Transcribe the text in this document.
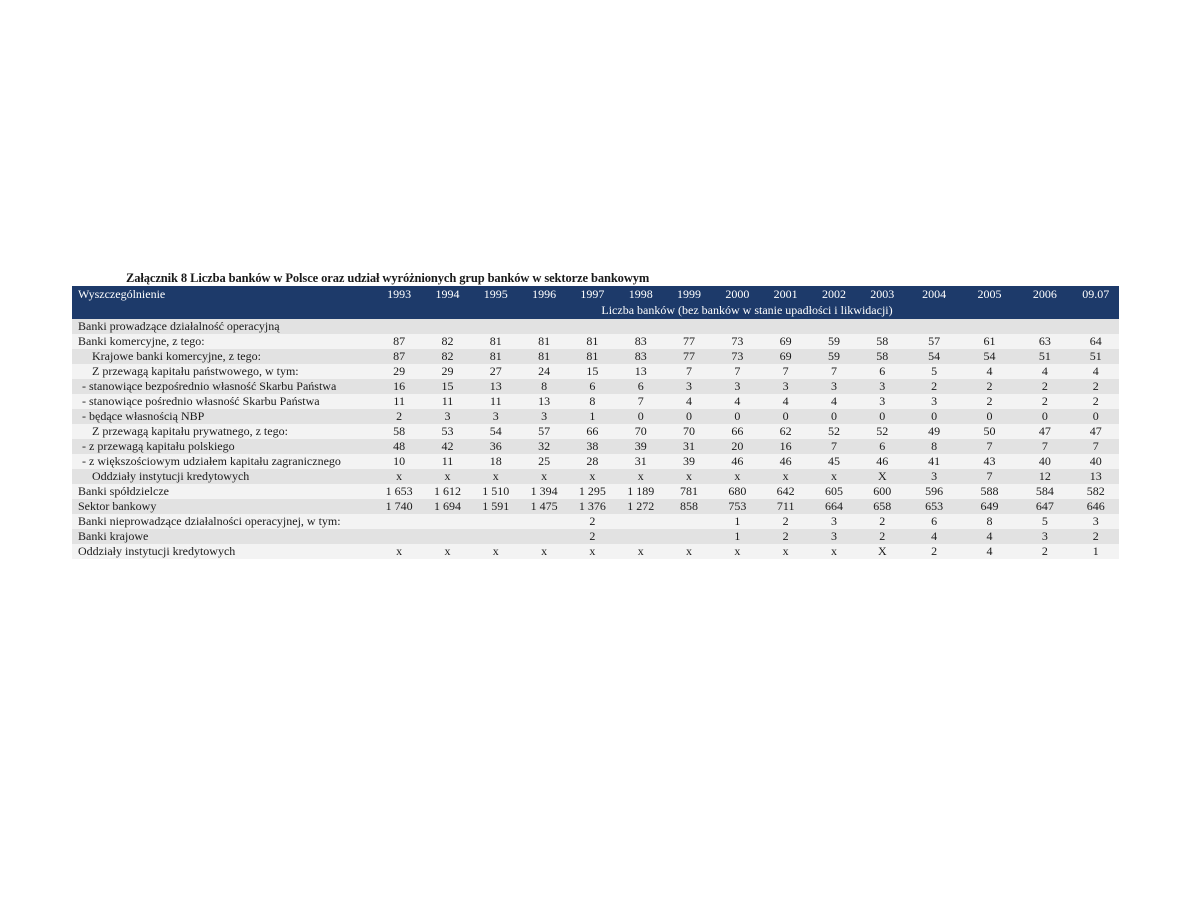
Załącznik 8 Liczba banków w Polsce oraz udział wyróżnionych grup banków w sektorze bankowym
Wyszczególnienie	1993	1994	1995	1996	1997	1998	1999	2000	2001	2002	2003	2004	2005	2006	09.07
	Liczba banków (bez banków w stanie upadłości i likwidacji)														
Banki prowadzące działalność operacyjną															
Banki komercyjne, z tego:	87	82	81	81	81	83	77	73	69	59	58	57	61	63	64
Krajowe banki komercyjne, z tego:	87	82	81	81	81	83	77	73	69	59	58	54	54	51	51
Z przewagą kapitału państwowego, w tym:	29	29	27	24	15	13	7	7	7	7	6	5	4	4	4
- stanowiące bezpośrednio własność Skarbu Państwa	16	15	13	8	6	6	3	3	3	3	3	2	2	2	2
- stanowiące pośrednio własność Skarbu Państwa	11	11	11	13	8	7	4	4	4	4	3	3	2	2	2
- będące własnością NBP	2	3	3	3	1	0	0	0	0	0	0	0	0	0	0
Z przewagą kapitału prywatnego, z tego:	58	53	54	57	66	70	70	66	62	52	52	49	50	47	47
- z przewagą kapitału polskiego	48	42	36	32	38	39	31	20	16	7	6	8	7	7	7
- z większościowym udziałem kapitału zagranicznego	10	11	18	25	28	31	39	46	46	45	46	41	43	40	40
Oddziały instytucji kredytowych	x	x	x	x	x	x	x	x	x	x	X	3	7	12	13
Banki spółdzielcze	1 653	1 612	1 510	1 394	1 295	1 189	781	680	642	605	600	596	588	584	582
Sektor bankowy	1 740	1 694	1 591	1 475	1 376	1 272	858	753	711	664	658	653	649	647	646
Banki nieprowadzące działalności operacyjnej, w tym:					2			1	2	3	2	6	8	5	3
Banki krajowe					2			1	2	3	2	4	4	3	2
Oddziały instytucji kredytowych	x	x	x	x	x	x	x	x	x	x	X	2	4	2	1
